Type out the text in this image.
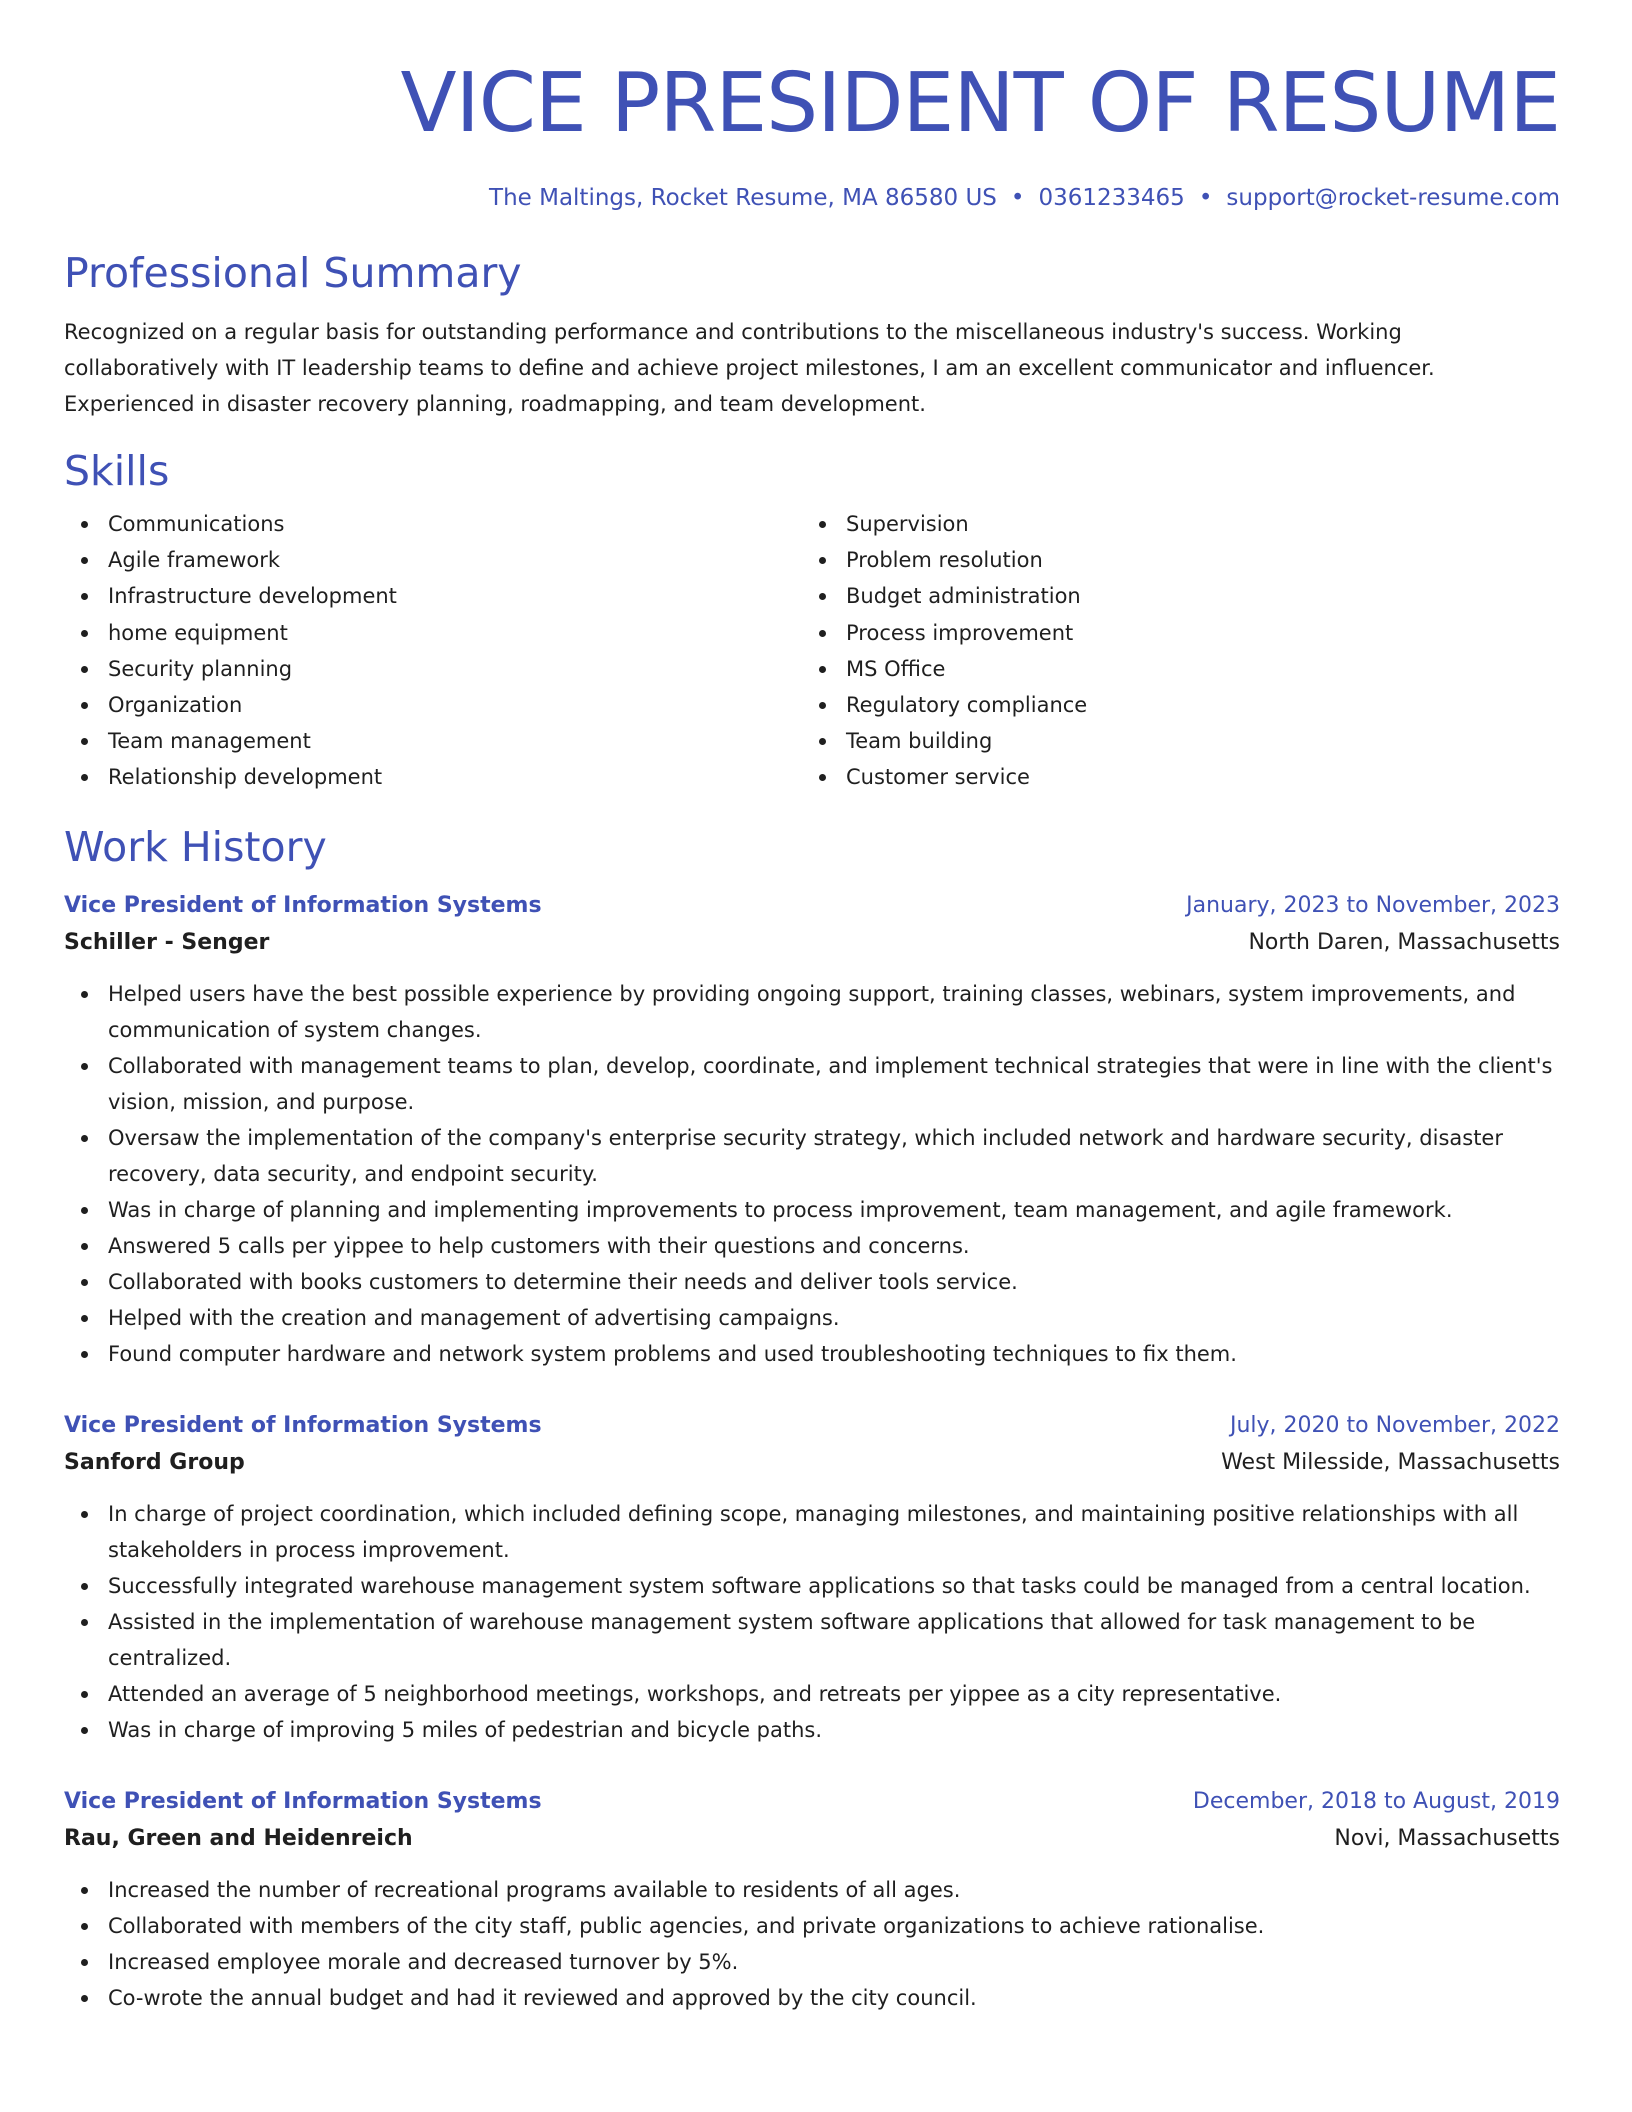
VICE PRESIDENT OF RESUME
The Maltings, Rocket Resume, MA 86580 US • 0361233465 • support@rocket-resume.com
Professional Summary

Recognized on a regular basis for outstanding performance and contributions to the miscellaneous industry's success. Working collaboratively with IT leadership teams to define and achieve project milestones, I am an excellent communicator and influencer. Experienced in disaster recovery planning, roadmapping, and team development.

Skills
Communications
Agile framework
Infrastructure development
home equipment
Security planning
Organization
Team management
Relationship development
Supervision
Problem resolution
Budget administration
Process improvement
MS Office
Regulatory compliance
Team building
Customer service
Work History
Vice President of Information Systems	January, 2023 to November, 2023
Schiller - Senger	North Daren, Massachusetts
Helped users have the best possible experience by providing ongoing support, training classes, webinars, system improvements, and communication of system changes.
Collaborated with management teams to plan, develop, coordinate, and implement technical strategies that were in line with the client's vision, mission, and purpose.
Oversaw the implementation of the company's enterprise security strategy, which included network and hardware security, disaster recovery, data security, and endpoint security.
Was in charge of planning and implementing improvements to process improvement, team management, and agile framework.
Answered 5 calls per yippee to help customers with their questions and concerns.
Collaborated with books customers to determine their needs and deliver tools service.
Helped with the creation and management of advertising campaigns.
Found computer hardware and network system problems and used troubleshooting techniques to fix them.
Vice President of Information Systems	July, 2020 to November, 2022
Sanford Group	West Milesside, Massachusetts
In charge of project coordination, which included defining scope, managing milestones, and maintaining positive relationships with all stakeholders in process improvement.
Successfully integrated warehouse management system software applications so that tasks could be managed from a central location.
Assisted in the implementation of warehouse management system software applications that allowed for task management to be centralized.
Attended an average of 5 neighborhood meetings, workshops, and retreats per yippee as a city representative.
Was in charge of improving 5 miles of pedestrian and bicycle paths.
Vice President of Information Systems	December, 2018 to August, 2019
Rau, Green and Heidenreich	Novi, Massachusetts
Increased the number of recreational programs available to residents of all ages.
Collaborated with members of the city staff, public agencies, and private organizations to achieve rationalise.
Increased employee morale and decreased turnover by 5%.
Co-wrote the annual budget and had it reviewed and approved by the city council.
